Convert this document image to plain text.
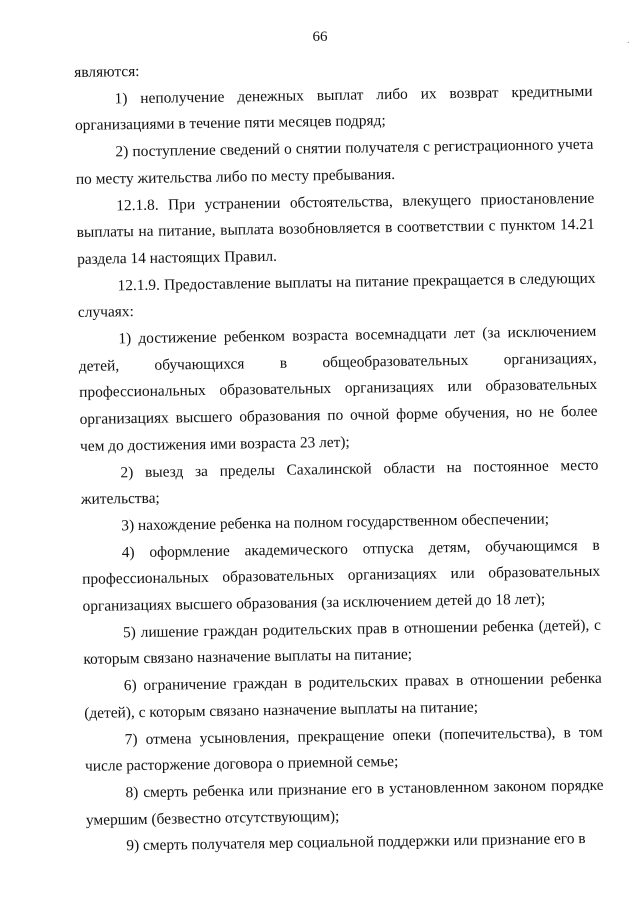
66	·

являются:

1) неполучение денежных выплат либо их возврат кредитными организациями в течение пяти месяцев подряд;

2) поступление сведений о снятии получателя с регистрационного учета по месту жительства либо по месту пребывания.

12.1.8. При устранении обстоятельства, влекущего приостановление выплаты на питание, выплата возобновляется в соответствии с пунктом 14.21 раздела 14 настоящих Правил.

12.1.9. Предоставление выплаты на питание прекращается в следующих случаях:

1) достижение ребенком возраста восемнадцати лет (за исключением детей, обучающихся в общеобразовательных организациях, профессиональных образовательных организациях или образовательных организациях высшего образования по очной форме обучения, но не более чем до достижения ими возраста 23 лет);

2) выезд за пределы Сахалинской области на постоянное место жительства;

3) нахождение ребенка на полном государственном обеспечении;

4) оформление академического отпуска детям, обучающимся в профессиональных образовательных организациях или образовательных организациях высшего образования (за исключением детей до 18 лет);

5) лишение граждан родительских прав в отношении ребенка (детей), с которым связано назначение выплаты на питание;

6) ограничение граждан в родительских правах в отношении ребенка (детей), с которым связано назначение выплаты на питание;

7) отмена усыновления, прекращение опеки (попечительства), в том числе расторжение договора о приемной семье;

8) смерть ребенка или признание его в установленном законом порядке умершим (безвестно отсутствующим);

9) смерть получателя мер социальной поддержки или признание его в
